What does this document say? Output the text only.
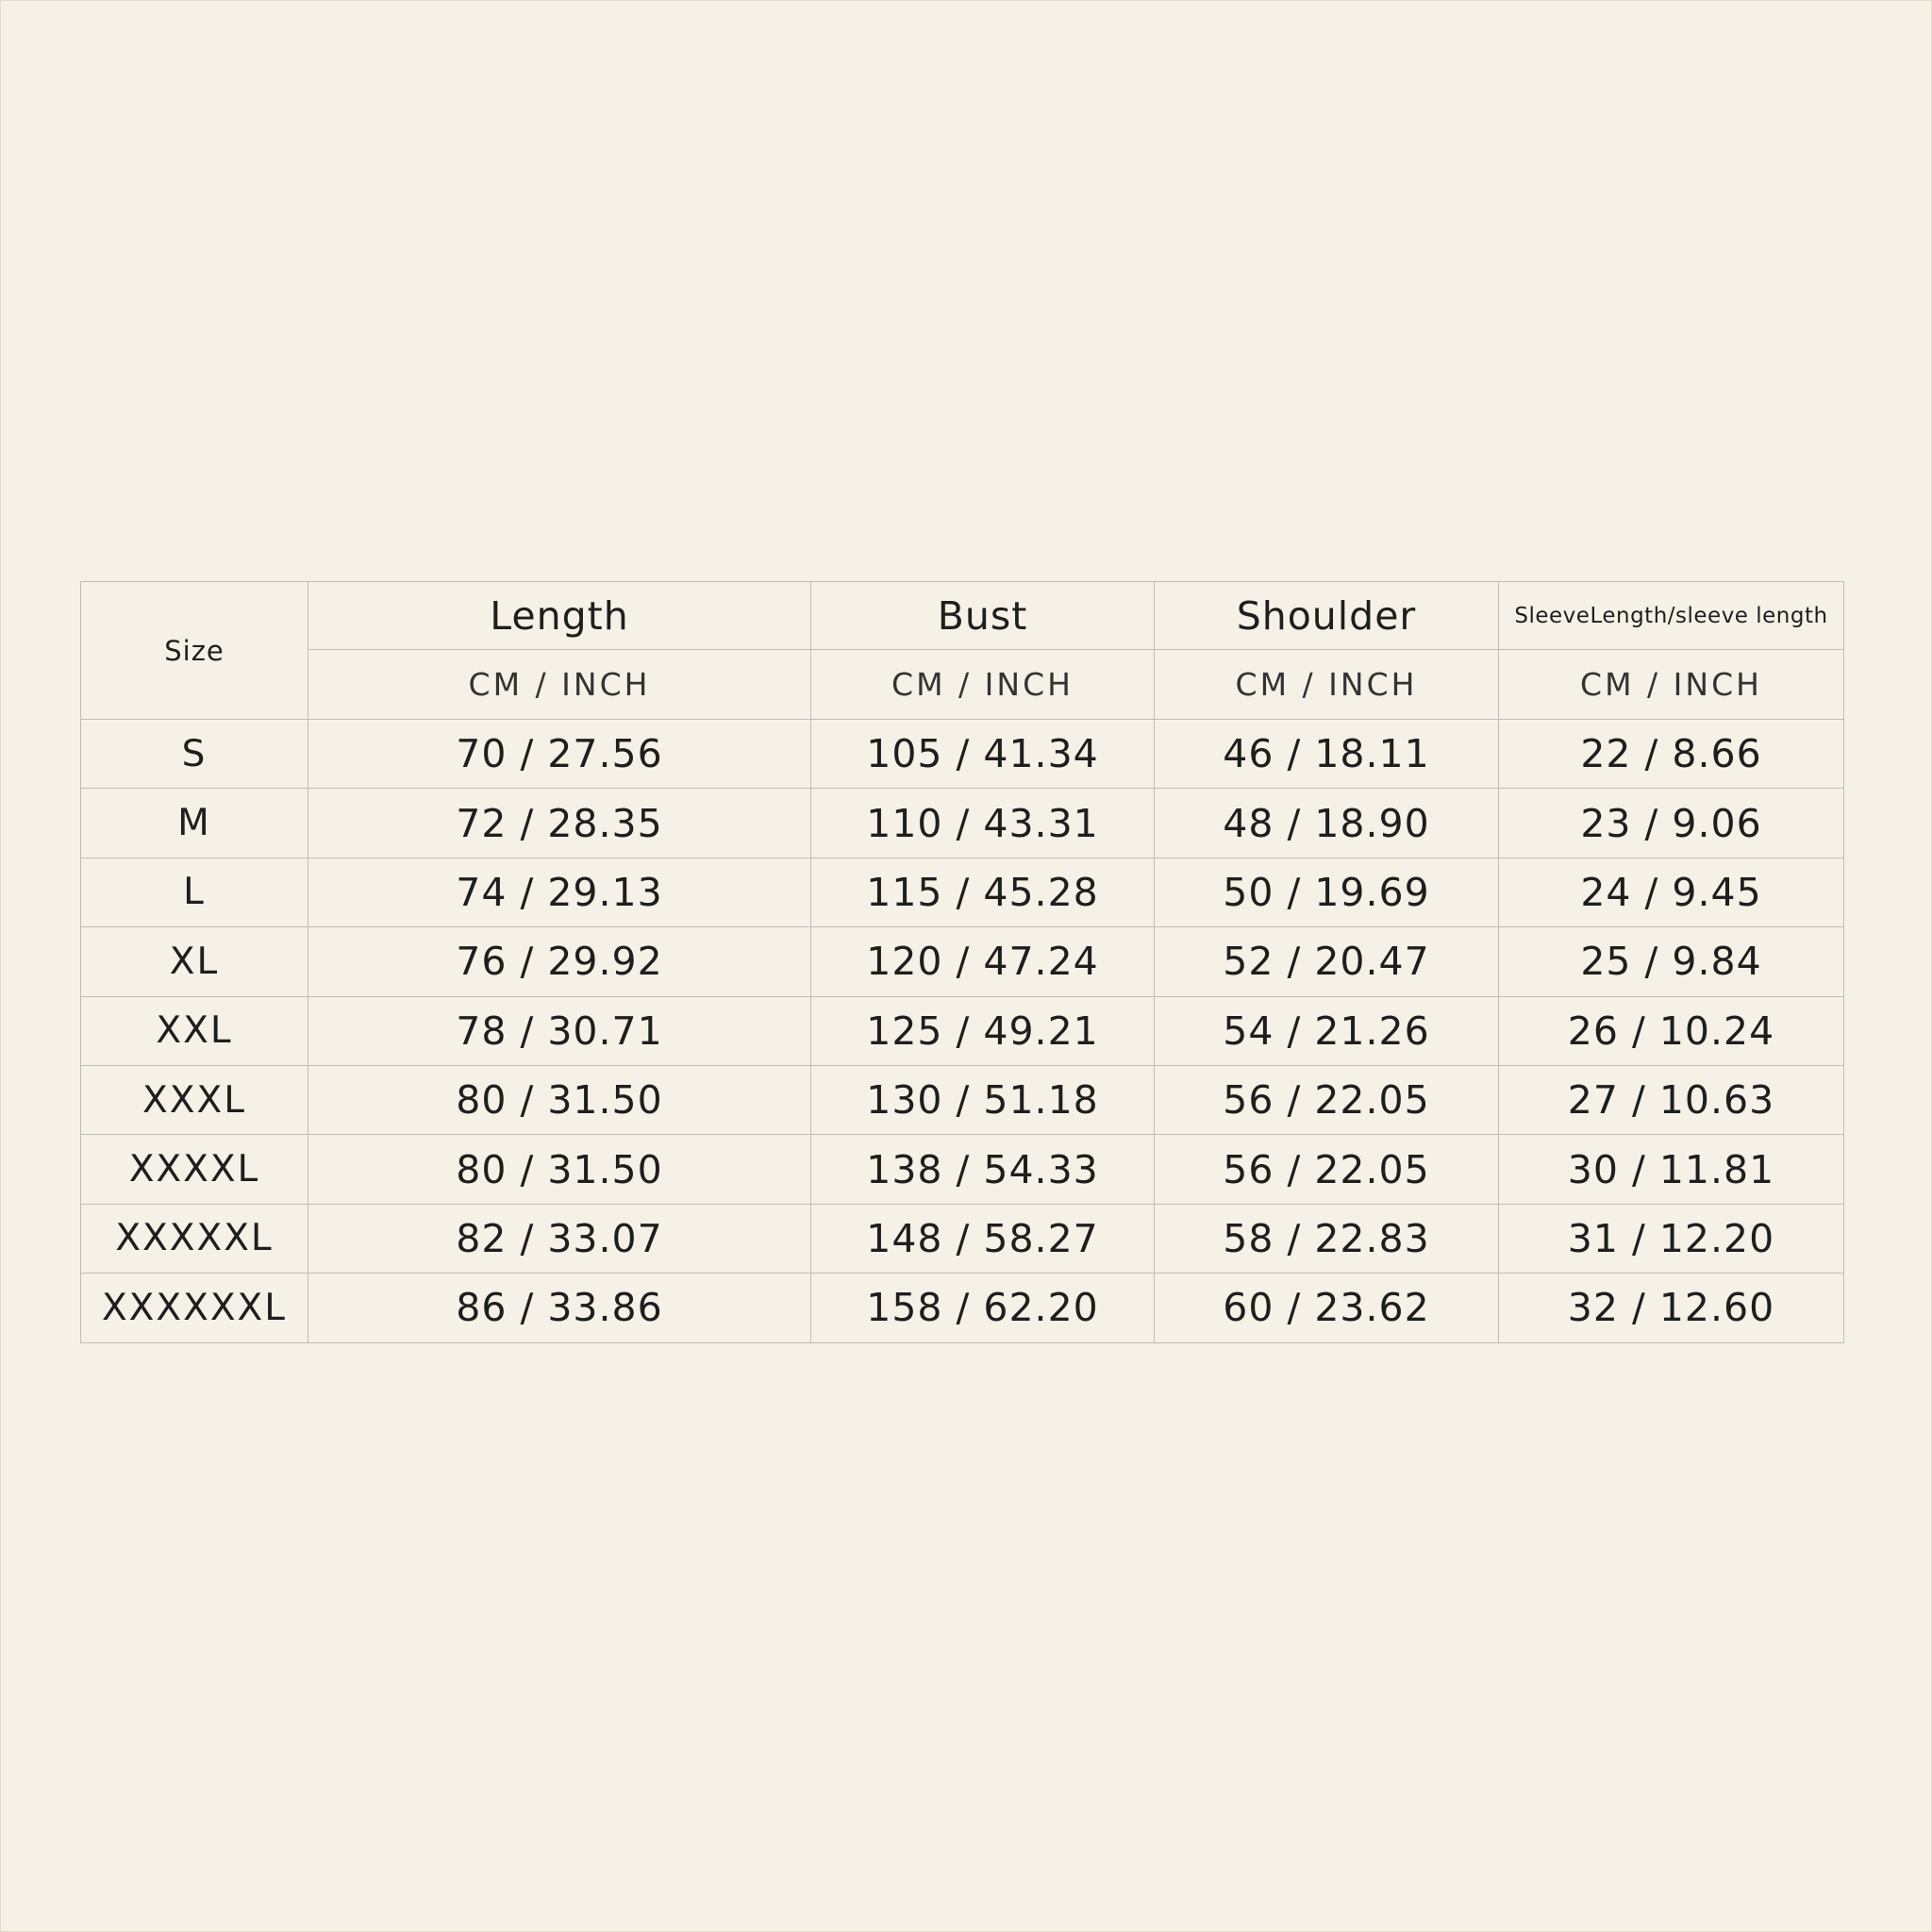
Size	Length	Bust	Shoulder	SleeveLength/sleeve length
	CM / INCH	CM / INCH	CM / INCH	CM / INCH
S	70 / 27.56	105 / 41.34	46 / 18.11	22 / 8.66
M	72 / 28.35	110 / 43.31	48 / 18.90	23 / 9.06
L	74 / 29.13	115 / 45.28	50 / 19.69	24 / 9.45
XL	76 / 29.92	120 / 47.24	52 / 20.47	25 / 9.84
XXL	78 / 30.71	125 / 49.21	54 / 21.26	26 / 10.24
XXXL	80 / 31.50	130 / 51.18	56 / 22.05	27 / 10.63
XXXXL	80 / 31.50	138 / 54.33	56 / 22.05	30 / 11.81
XXXXXL	82 / 33.07	148 / 58.27	58 / 22.83	31 / 12.20
XXXXXXL	86 / 33.86	158 / 62.20	60 / 23.62	32 / 12.60
